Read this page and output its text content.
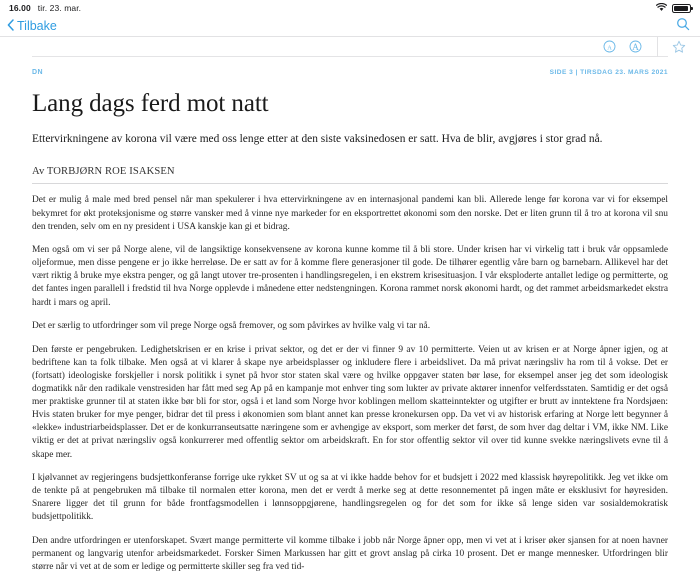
16.00 tir. 23. mar.
Tilbake
A A
DN	SIDE 3 | TIRSDAG 23. MARS 2021
Lang dags ferd mot natt

Ettervirkningene av korona vil være med oss lenge etter at den siste vaksinedosen er satt. Hva de blir, avgjøres i stor grad nå.

Av TORBJØRN ROE ISAKSEN

Det er mulig å male med bred pensel når man spekulerer i hva ettervirkningene av en internasjonal pandemi kan bli. Allerede lenge før korona var vi for eksempel bekymret for økt proteksjonisme og større vansker med å vinne nye markeder for en eksportrettet økonomi som den norske. Det er liten grunn til å tro at korona vil snu den trenden, selv om en ny president i USA kanskje kan gi et bidrag.

Men også om vi ser på Norge alene, vil de langsiktige konsekvensene av korona kunne komme til å bli store. Under krisen har vi virkelig tatt i bruk vår oppsamlede oljeformue, men disse pengene er jo ikke herreløse. De er satt av for å komme flere generasjoner til gode. De tilhører egentlig våre barn og barnebarn. Allikevel har det vært riktig å bruke mye ekstra penger, og gå langt utover tre-prosenten i handlingsregelen, i en ekstrem krisesituasjon. I vår eksploderte antallet ledige og permitterte, og det fantes ingen parallell i fredstid til hva Norge opplevde i månedene etter nedstengningen. Korona rammet norsk økonomi hardt, og det rammet arbeidsmarkedet ekstra hardt i mars og april.

Det er særlig to utfordringer som vil prege Norge også fremover, og som påvirkes av hvilke valg vi tar nå.

Den første er pengebruken. Ledighetskrisen er en krise i privat sektor, og det er der vi finner 9 av 10 permitterte. Veien ut av krisen er at Norge åpner igjen, og at bedriftene kan ta folk tilbake. Men også at vi klarer å skape nye arbeidsplasser og inkludere flere i arbeidslivet. Da må privat næringsliv ha rom til å vokse. Det er (fortsatt) ideologiske forskjeller i norsk politikk i synet på hvor stor staten skal være og hvilke oppgaver staten bør løse, for eksempel anser jeg det som ideologisk dogmatikk når den radikale venstresiden har fått med seg Ap på en kampanje mot enhver ting som lukter av private aktører innenfor velferdsstaten. Samtidig er det også mer praktiske grunner til at staten ikke bør bli for stor, også i et land som Norge hvor koblingen mellom skatteinntekter og utgifter er brutt av inntektene fra Nordsjøen: Hvis staten bruker for mye penger, bidrar det til press i økonomien som blant annet kan presse kronekursen opp. Da vet vi av historisk erfaring at Norge lett begynner å «lekke» industriarbeidsplasser. Det er de konkurranseutsatte næringene som er avhengige av eksport, som merker det først, de som hver dag deltar i VM, ikke NM. Like viktig er det at privat næringsliv også konkurrerer med offentlig sektor om arbeidskraft. En for stor offentlig sektor vil over tid kunne svekke næringslivets evne til å skape mer.

I kjølvannet av regjeringens budsjettkonferanse forrige uke rykket SV ut og sa at vi ikke hadde behov for et budsjett i 2022 med klassisk høyrepolitikk. Jeg vet ikke om de tenkte på at pengebruken må tilbake til normalen etter korona, men det er verdt å merke seg at dette resonnementet på ingen måte er eksklusivt for høyresiden. Snarere ligger det til grunn for både frontfagsmodellen i lønnsoppgjørene, handlingsregelen og for det som for ikke så lenge siden var sosialdemokratisk budsjettpolitikk.

Den andre utfordringen er utenforskapet. Svært mange permitterte vil komme tilbake i jobb når Norge åpner opp, men vi vet at i kriser øker sjansen for at noen havner permanent og langvarig utenfor arbeidsmarkedet. Forsker Simen Markussen har gitt et grovt anslag på cirka 10 prosent. Det er mange mennesker. Utfordringen blir større når vi vet at de som er ledige og permitterte skiller seg fra ved tid-
